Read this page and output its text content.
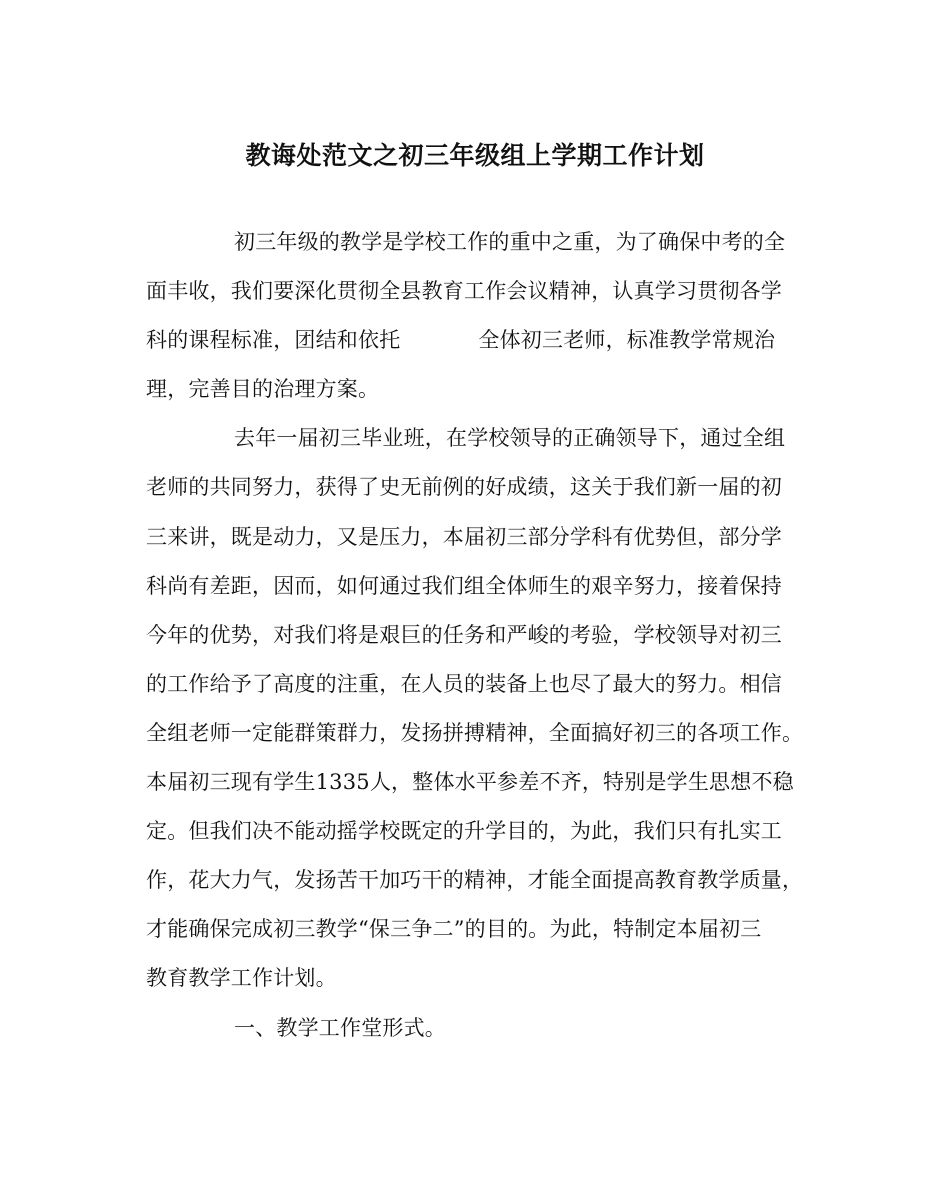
教诲处范文之初三年级组上学期工作计划
初三年级的教学是学校工作的重中之重，为了确保中考的全
面丰收，我们要深化贯彻全县教育工作会议精神，认真学习贯彻各学
科的课程标准，团结和依托	全体初三老师，标准教学常规治
理，完善目的治理方案。
去年一届初三毕业班，在学校领导的正确领导下，通过全组
老师的共同努力，获得了史无前例的好成绩，这关于我们新一届的初
三来讲，既是动力，又是压力，本届初三部分学科有优势但，部分学
科尚有差距，因而，如何通过我们组全体师生的艰辛努力，接着保持
今年的优势，对我们将是艰巨的任务和严峻的考验，学校领导对初三
的工作给予了高度的注重，在人员的装备上也尽了最大的努力。相信
全组老师一定能群策群力，发扬拼搏精神，全面搞好初三的各项工作。
本届初三现有学生1335人，整体水平参差不齐，特别是学生思想不稳
定。但我们决不能动摇学校既定的升学目的，为此，我们只有扎实工
作，花大力气，发扬苦干加巧干的精神，才能全面提高教育教学质量，
才能确保完成初三教学“保三争二”的目的。为此，特制定本届初三
教育教学工作计划。
一、教学工作堂形式。
